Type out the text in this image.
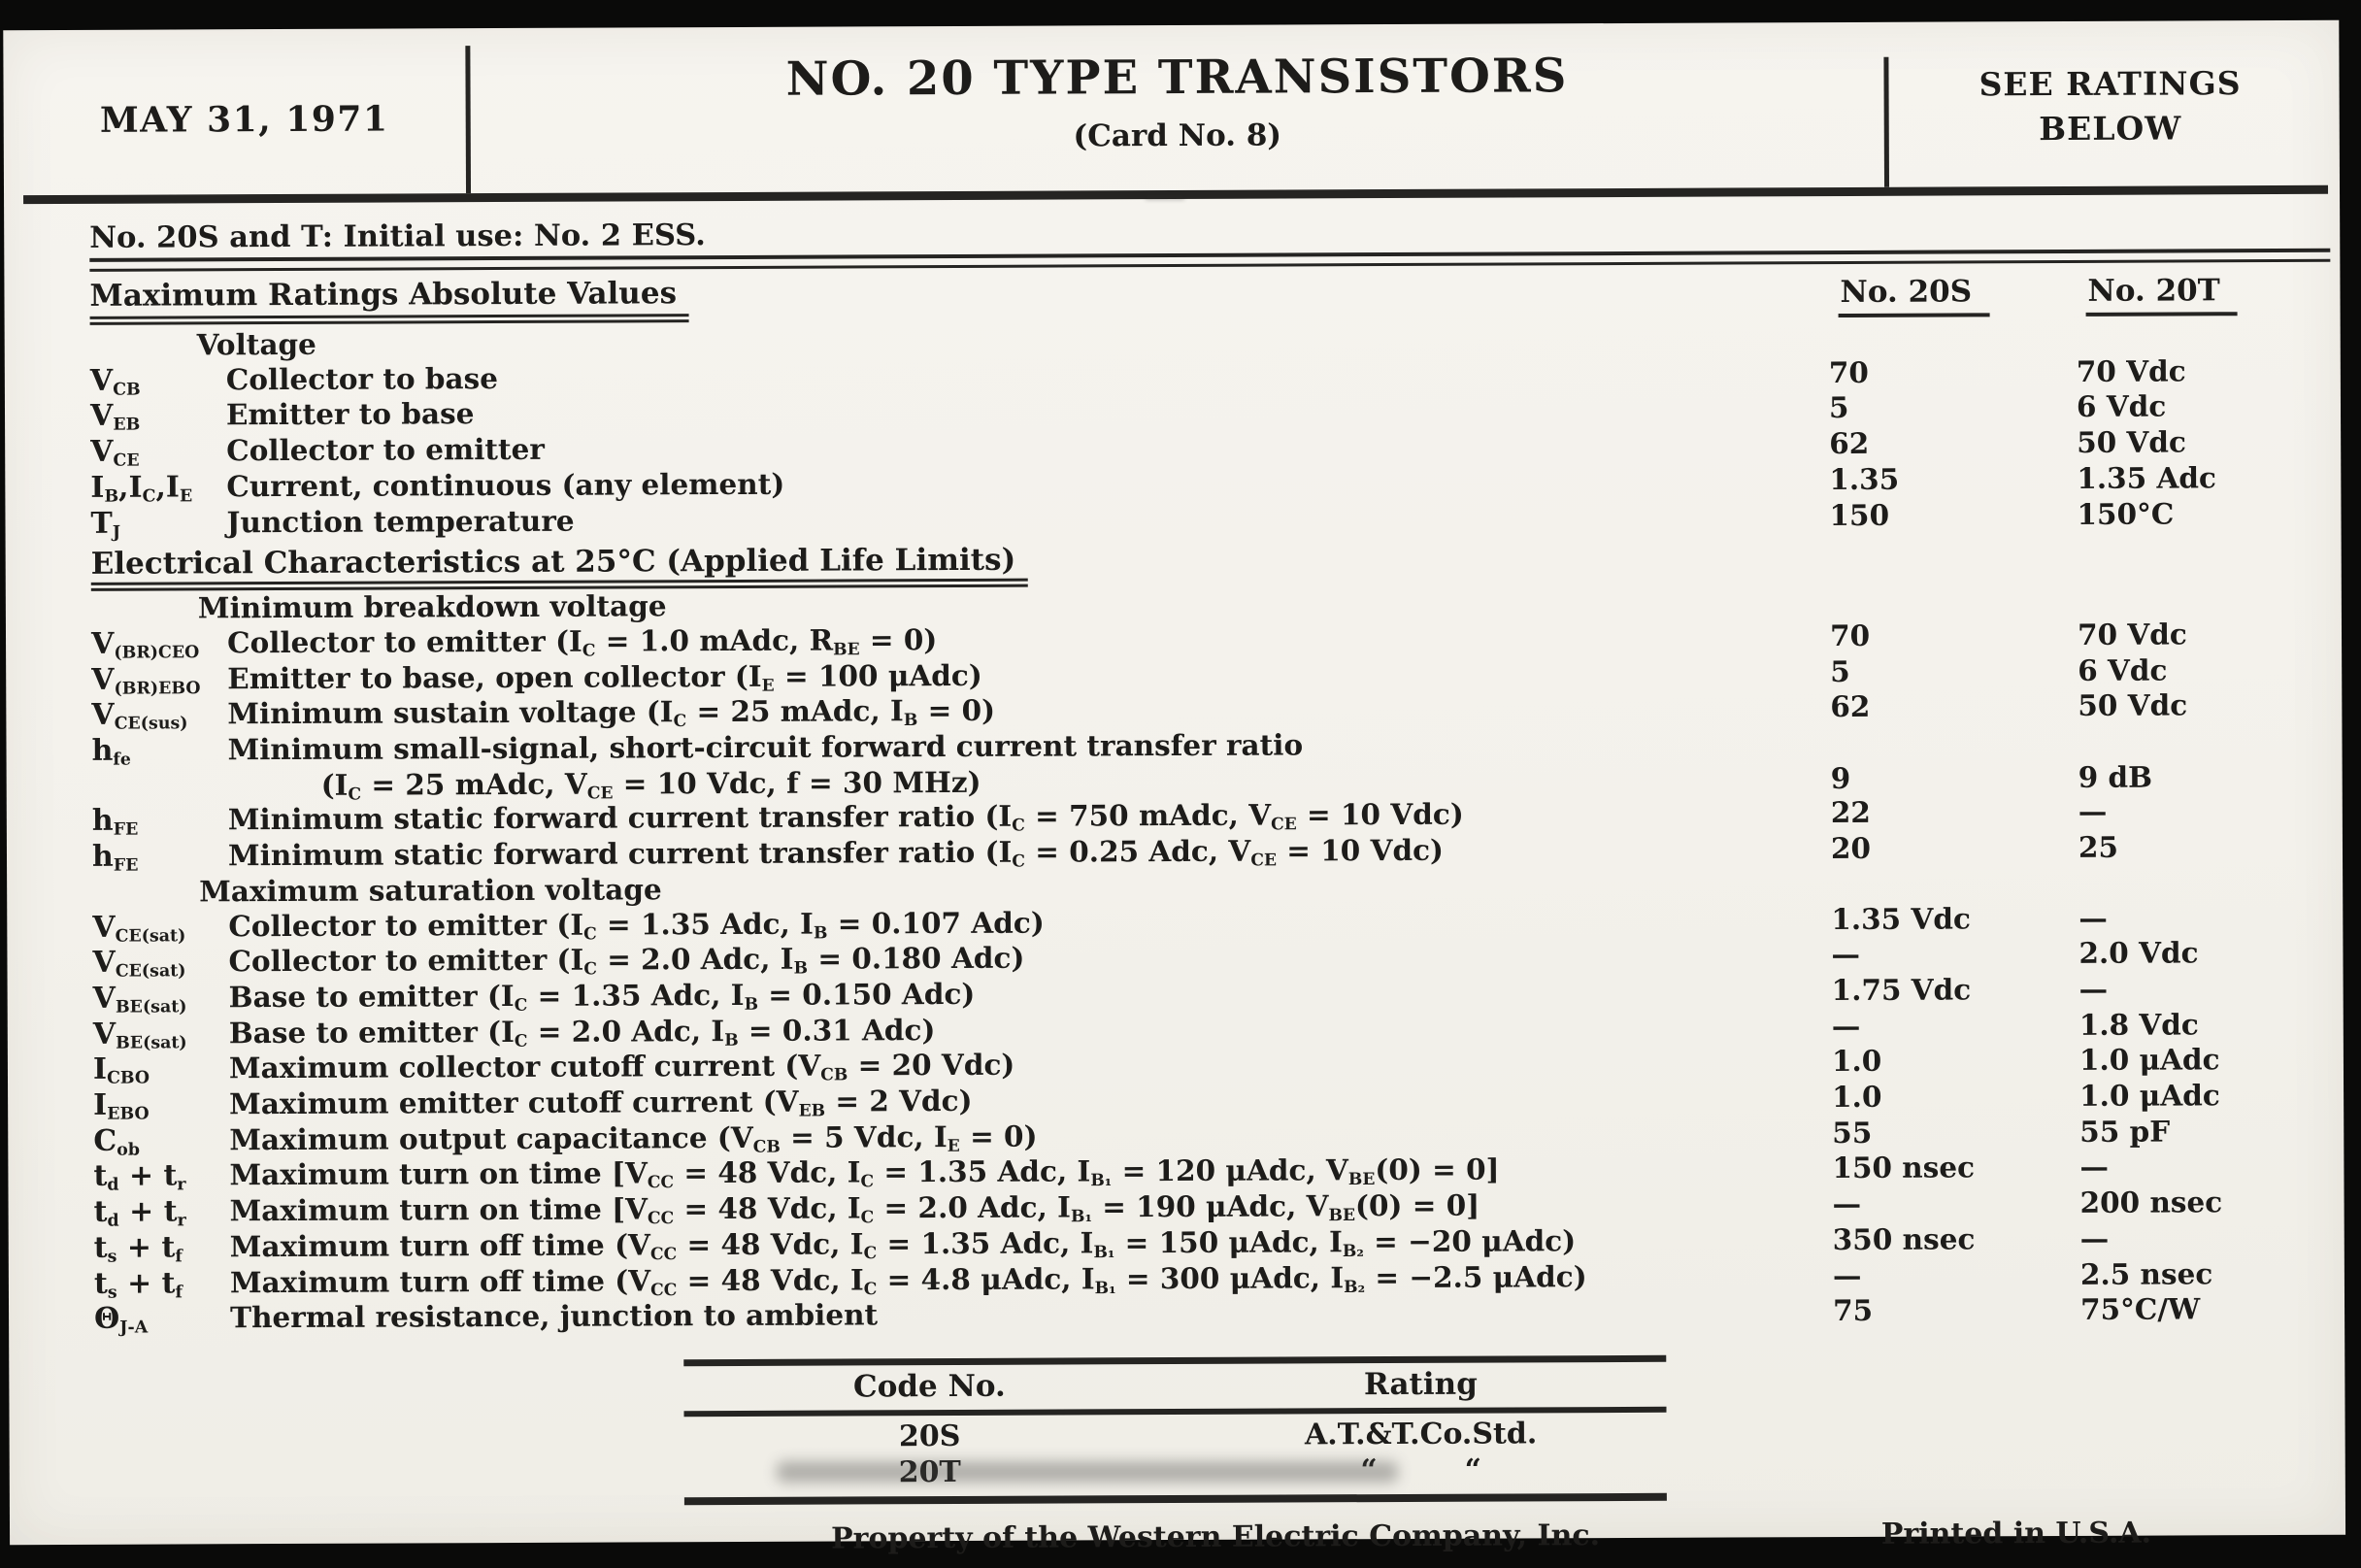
MAY 31, 1971
NO. 20 TYPE TRANSISTORS
(Card No. 8)
SEE RATINGS
BELOW
No. 20S and T: Initial use: No. 2 ESS.
Maximum Ratings Absolute Values	No. 20S	No. 20T
Voltage
$V_{CB}$	Collector to base	70	70 Vdc
$V_{EB}$	Emitter to base	5	6 Vdc
$V_{CE}$	Collector to emitter	62	50 Vdc
$I_B,I_C,I_E$	Current, continuous (any element)	1.35	1.35 Adc
$T_J$	Junction temperature	150	150°C
Electrical Characteristics at 25°C (Applied Life Limits)
Minimum breakdown voltage
$V_{(BR)CEO}$ Collector to emitter ($I_C = 1.0$ mAdc, $R_{BE} = 0$)	70	70 Vdc
$V_{(BR)EBO}$ Emitter to base, open collector ($I_E = 100$ μAdc)	5	6 Vdc
$V_{CE(sus)}$	Minimum sustain voltage ($I_C = 25$ mAdc, $I_B = 0$)	62	50 Vdc
$h_{fe}$	Minimum small-signal, short-circuit forward current transfer ratio
($I_C = 25$ mAdc, $V_{CE} = 10$ Vdc, f = 30 MHz)	9	9 dB
$h_{FE}$	Minimum static forward current transfer ratio ($I_C = 750$ mAdc, $V_{CE} = 10$ Vdc)	22	—
$h_{FE}$	Minimum static forward current transfer ratio ($I_C = 0.25$ Adc, $V_{CE} = 10$ Vdc)	20	25
Maximum saturation voltage
$V_{CE(sat)}$	Collector to emitter ($I_C = 1.35$ Adc, $I_B = 0.107$ Adc)	1.35 Vdc	—
$V_{CE(sat)}$	Collector to emitter ($I_C = 2.0$ Adc, $I_B = 0.180$ Adc)	—	2.0 Vdc
$V_{BE(sat)}$	Base to emitter ($I_C = 1.35$ Adc, $I_B = 0.150$ Adc)	1.75 Vdc	—
$V_{BE(sat)}$	Base to emitter ($I_C = 2.0$ Adc, $I_B = 0.31$ Adc)	—	1.8 Vdc
$I_{CBO}$	Maximum collector cutoff current ($V_{CB} = 20$ Vdc)	1.0	1.0 μAdc
$I_{EBO}$	Maximum emitter cutoff current ($V_{EB} = 2$ Vdc)	1.0	1.0 μAdc
$C_{ob}$	Maximum output capacitance ($V_{CB} = 5$ Vdc, $I_E = 0$)	55	55 pF
$t_d + t_r$	Maximum turn on time [$V_{CC} = 48$ Vdc, $I_C = 1.35$ Adc, $I_{B_1} = 120$ μAdc, $V_{BE}(0) = 0$]	150 nsec	—
$t_d + t_r$	Maximum turn on time [$V_{CC} = 48$ Vdc, $I_C = 2.0$ Adc, $I_{B_1} = 190$ μAdc, $V_{BE}(0) = 0$]	—	200 nsec
$t_s + t_f$	Maximum turn off time ($V_{CC} = 48$ Vdc, $I_C = 1.35$ Adc, $I_{B_1} = 150$ μAdc, $I_{B_2} = -20$ μAdc)	350 nsec	—
$t_s + t_f$	Maximum turn off time ($V_{CC} = 48$ Vdc, $I_C = 4.8$ μAdc, $I_{B_1} = 300$ μAdc, $I_{B_2} = -2.5$ μAdc)	—	2.5 nsec
$\Theta_{J-A}$	Thermal resistance, junction to ambient	75	75°C/W
Code No.	Rating
20S	A.T.&T.Co.Std.
20T	“   “
Property of the Western Electric Company, Inc.	Printed in U.S.A.
